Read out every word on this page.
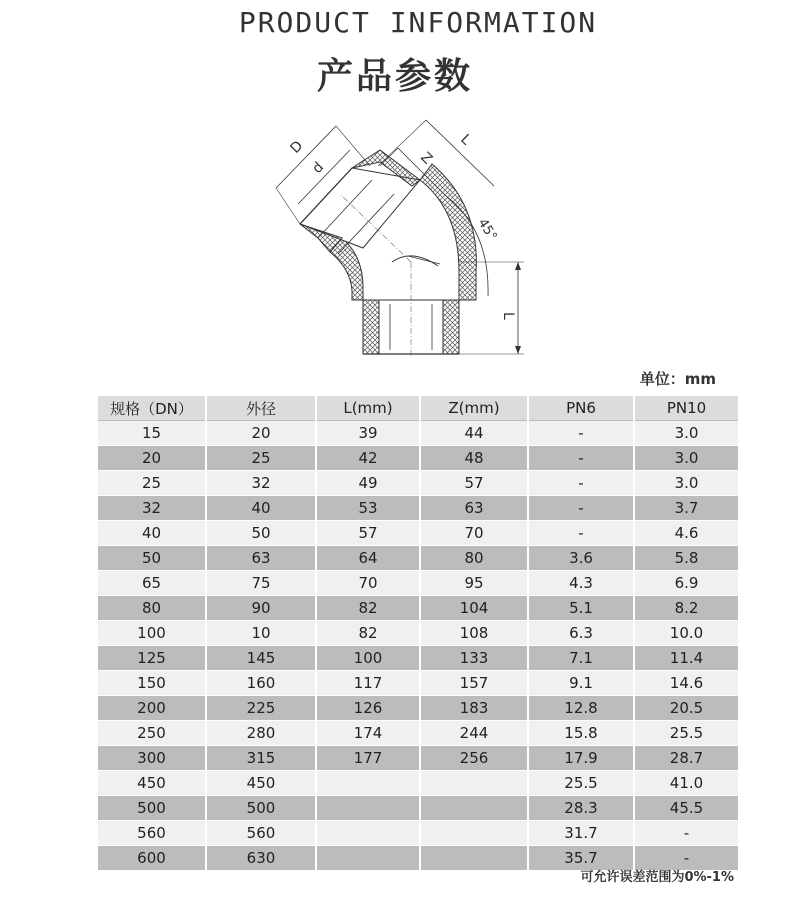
PRODUCT INFORMATION
产品参数
D
d
Z
L
45°
L
单位：mm
规格（DN）	外径	L(mm)	Z(mm)	PN6	PN10
15	20	39	44	-	3.0
20	25	42	48	-	3.0
25	32	49	57	-	3.0
32	40	53	63	-	3.7
40	50	57	70	-	4.6
50	63	64	80	3.6	5.8
65	75	70	95	4.3	6.9
80	90	82	104	5.1	8.2
100	10	82	108	6.3	10.0
125	145	100	133	7.1	11.4
150	160	117	157	9.1	14.6
200	225	126	183	12.8	20.5
250	280	174	244	15.8	25.5
300	315	177	256	17.9	28.7
450	450			25.5	41.0
500	500			28.3	45.5
560	560			31.7	-
600	630			35.7	-
可允许误差范围为0%-1%
